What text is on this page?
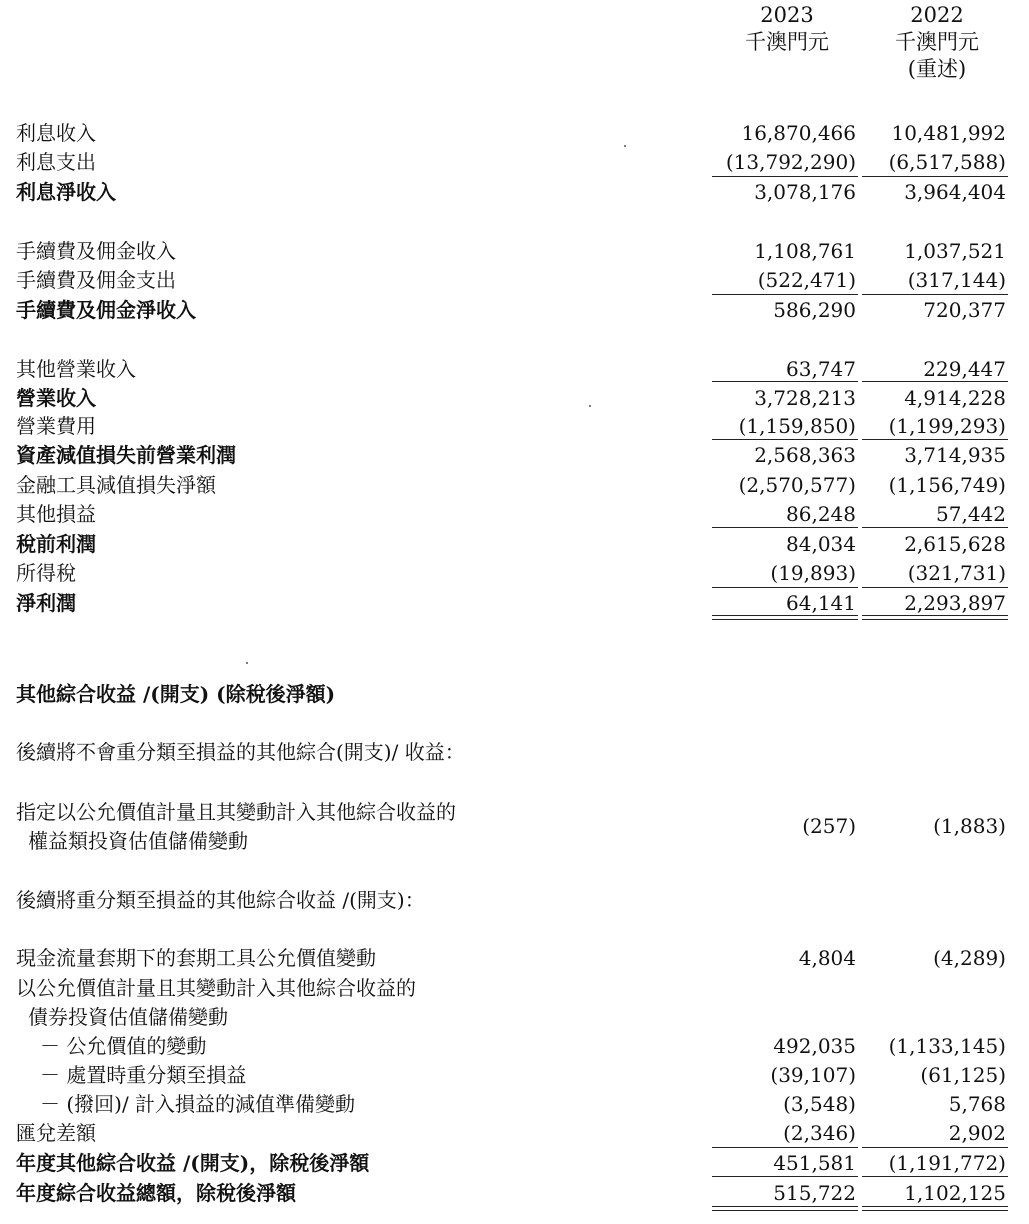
2023
千澳門元
2022
千澳門元
(重述)
利息收入	16,870,466	10,481,992
利息支出	(13,792,290)	(6,517,588)
利息淨收入	3,078,176	3,964,404
手續費及佣金收入	1,108,761	1,037,521
手續費及佣金支出	(522,471)	(317,144)
手續費及佣金淨收入	586,290	720,377
其他營業收入	63,747	229,447
營業收入	3,728,213	4,914,228
營業費用	(1,159,850)	(1,199,293)
資產減值損失前營業利潤	2,568,363	3,714,935
金融工具減值損失淨額	(2,570,577)	(1,156,749)
其他損益	86,248	57,442
稅前利潤	84,034	2,615,628
所得稅	(19,893)	(321,731)
淨利潤	64,141	2,293,897
其他綜合收益 /(開支) (除稅後淨額)
後續將不會重分類至損益的其他綜合(開支)/ 收益：
指定以公允價值計量且其變動計入其他綜合收益的
權益類投資估值儲備變動
(257)	(1,883)
後續將重分類至損益的其他綜合收益 /(開支)：
現金流量套期下的套期工具公允價值變動	4,804	(4,289)
以公允價值計量且其變動計入其他綜合收益的
債券投資估值儲備變動
－ 公允價值的變動	492,035	(1,133,145)
－ 處置時重分類至損益	(39,107)	(61,125)
－ (撥回)/ 計入損益的減值準備變動	(3,548)	5,768
匯兌差額	(2,346)	2,902
年度其他綜合收益 /(開支)，除稅後淨額	451,581	(1,191,772)
年度綜合收益總額，除稅後淨額	515,722	1,102,125
